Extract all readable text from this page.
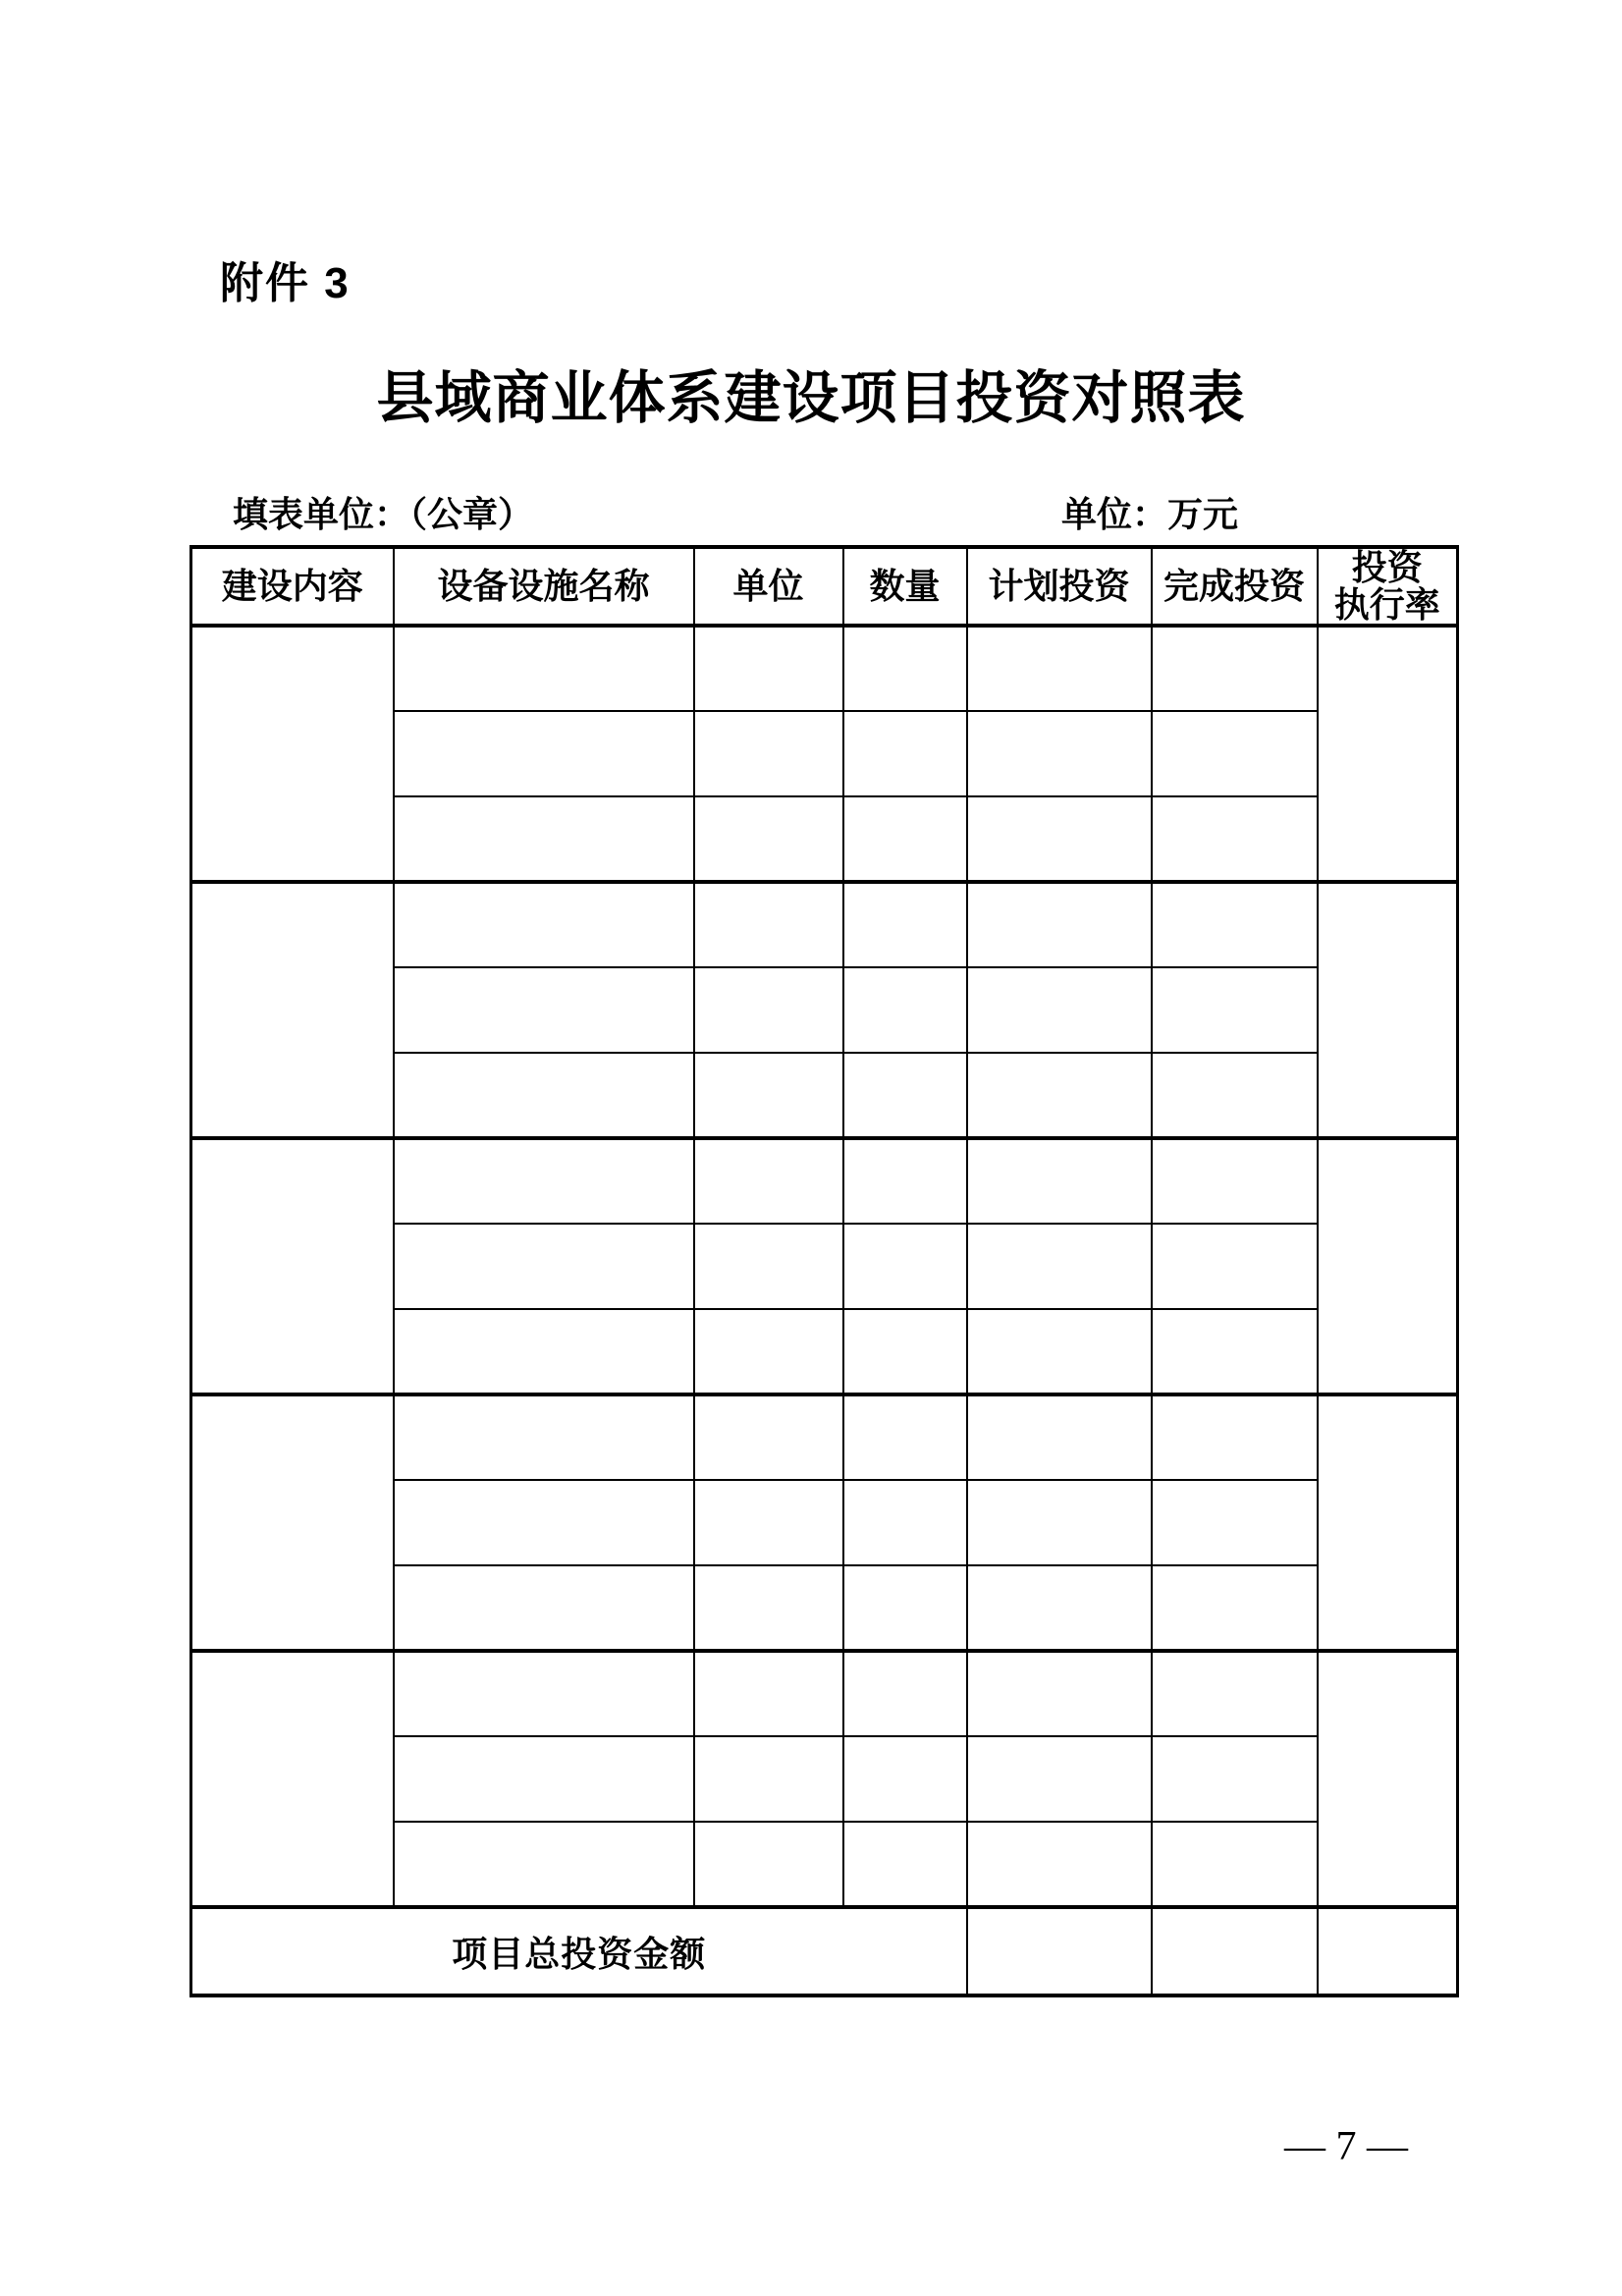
附件 3
县域商业体系建设项目投资对照表
填表单位：（公章）	单位：万元
建设内容	设备设施名称	单位	数量	计划投资	完成投资	投资
执行率

项目总投资金额						
— 7 —
